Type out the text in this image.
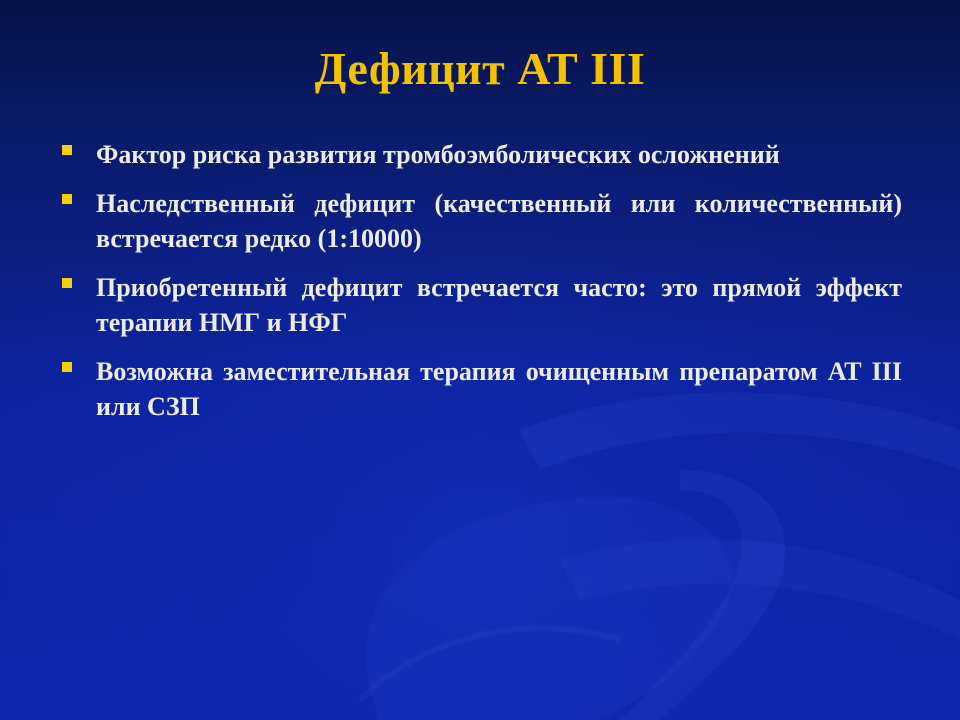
Дефицит АТ III
Фактор риска развития тромбоэмболических осложнений
Наследственный дефицит (качественный или количественный) встречается редко (1:10000)
Приобретенный дефицит встречается часто: это прямой эффект терапии НМГ и НФГ
Возможна заместительная терапия очищенным препаратом АТ III или СЗП
